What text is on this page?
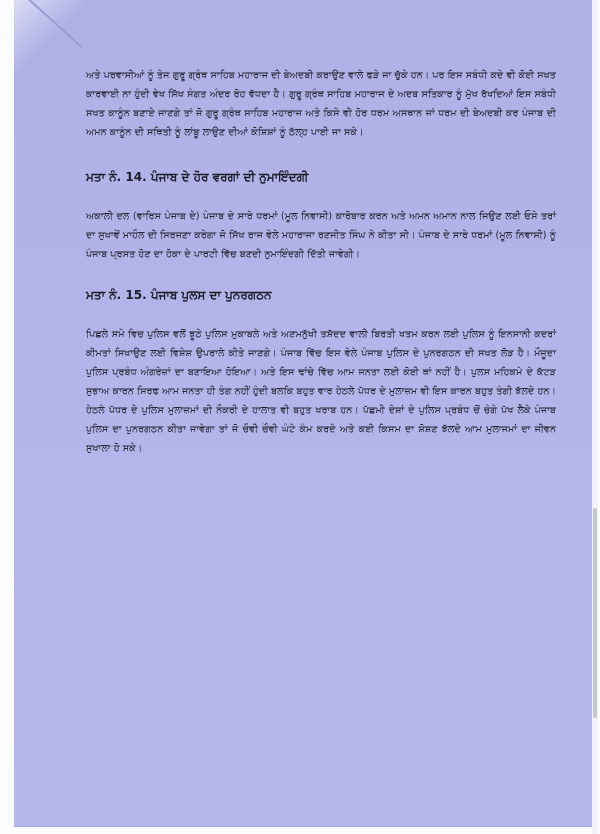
ਅਤੇ ਪਰਵਾਸੀਆਂ ਨੂੰ ਤੇਜ ਗੁਰੂ ਗ੍ਰੰਥ ਸਾਹਿਬ ਮਹਾਰਾਜ ਦੀ ਬੇਅਦਬੀ ਕਰਾਉਣ ਵਾਲੇ ਫੜੇ ਜਾ ਚੁੱਕੇ ਹਨ। ਪਰ ਇਸ ਸਬੰਧੀ ਕਦੇ ਵੀ ਕੋਈ ਸਖਤ ਕਾਰਵਾਈ ਨਾ ਹੁੰਦੀ ਵੇਖ ਸਿੱਖ ਸੰਗਤ ਅੰਦਰ ਰੋਹ ਵੱਧਦਾ ਹੈ। ਗੁਰੂ ਗ੍ਰੰਥ ਸਾਹਿਬ ਮਹਾਰਾਜ ਦੇ ਅਦਬ ਸਤਿਕਾਰ ਨੂੰ ਮੁੱਖ ਰੱਖਦਿਆਂ ਇਸ ਸਬੰਧੀ ਸਖਤ ਕਾਨੂੰਨ ਬਣਾਏ ਜਾਣਗੇ ਤਾਂ ਜੋ ਗੁਰੂ ਗ੍ਰੰਥ ਸਾਹਿਬ ਮਹਾਰਾਜ ਅਤੇ ਕਿਸੇ ਵੀ ਹੋਰ ਧਰਮ ਅਸਥਾਨ ਜਾਂ ਧਰਮ ਦੀ ਬੇਅਦਬੀ ਕਰ ਪੰਜਾਬ ਦੀ ਅਮਨ ਕਾਨੂੰਨ ਦੀ ਸਥਿਤੀ ਨੂੰ ਲਾਂਬੂ ਲਾਉਣ ਦੀਆਂ ਕੋਸ਼ਿਸ਼ਾਂ ਨੂੰ ਠੱਲ੍ਹ ਪਾਈ ਜਾ ਸਕੇ।

ਮਤਾ ਨੰ. 14. ਪੰਜਾਬ ਦੇ ਹੋਰ ਵਰਗਾਂ ਦੀ ਨੁਮਾਇੰਦਗੀ

ਅਕਾਲੀ ਦਲ (ਵਾਰਿਸ ਪੰਜਾਬ ਦੇ) ਪੰਜਾਬ ਦੇ ਸਾਰੇ ਧਰਮਾਂ (ਮੂਲ ਨਿਵਾਸੀ) ਕਾਰੋਬਾਰ ਕਰਨ ਅਤੇ ਅਮਨ ਅਮਾਨ ਨਾਲ ਜਿਉਣ ਲਈ ਓਸੇ ਤਰਾਂ ਦਾ ਸੁਖਾਵੇਂ ਮਾਹੌਲ ਦੀ ਸਿਰਜਣਾ ਕਰੇਗਾ ਜੋ ਸਿੱਖ ਰਾਜ ਵੇਲੇ ਮਹਾਰਾਜਾ ਰਣਜੀਤ ਸਿੰਘ ਨੇ ਕੀਤਾ ਸੀ। ਪੰਜਾਬ ਦੇ ਸਾਰੇ ਧਰਮਾਂ (ਮੂਲ ਨਿਵਾਸੀ) ਨੂੰ ਪੰਜਾਬ ਪ੍ਰਸਤ ਹੋਣ ਦਾ ਹੋਕਾ ਦੇ ਪਾਰਟੀ ਵਿੱਚ ਬਣਦੀ ਨੁਮਾਇੰਦਗੀ ਦਿੱਤੀ ਜਾਵੇਗੀ।

ਮਤਾ ਨੰ. 15. ਪੰਜਾਬ ਪੁਲਸ ਦਾ ਪੁਨਰਗਠਨ

ਪਿਛਲੇ ਸਮੇ ਵਿਚ ਪੁਲਿਸ ਵਲੋਂ ਝੂਠੇ ਪੁਲਿਸ ਮੁਕਾਬਲੇ ਅਤੇ ਅਣਮਨੁੱਖੀ ਤਸ਼ੱਦਦ ਵਾਲੀ ਬਿਰਤੀ ਖਤਮ ਕਰਨ ਲਈ ਪੁਲਿਸ ਨੂੰ ਇਨਸਾਨੀ ਕਦਰਾਂ ਕੀਮਤਾਂ ਸਿਖਾਉਣ ਲਈ ਵਿਸ਼ੇਸ਼ ਉਪਰਾਲੇ ਕੀਤੇ ਜਾਣਗੇ। ਪੰਜਾਬ ਵਿੱਚ ਇਸ ਵੇਲੇ ਪੰਜਾਬ ਪੁਲਿਸ ਦੇ ਪੁਨਰਗਠਨ ਦੀ ਸਖਤ ਲੋੜ ਹੈ। ਮੌਜੂਦਾ ਪੁਲਿਸ ਪ੍ਰਬੰਧ ਅੰਗਰੇਜ਼ਾਂ ਦਾ ਬਣਾਇਆ ਹੋਇਆ। ਅਤੇ ਇਸ ਢਾਂਚੇ ਵਿੱਚ ਆਮ ਜਨਤਾ ਲਈ ਕੋਈ ਥਾਂ ਨਹੀਂ ਹੈ। ਪੁਲਸ ਮਹਿਕਮੇ ਦੇ ਕੱਟੜ ਸੁਭਾਅ ਕਾਰਨ ਸਿਰਫ ਆਮ ਜਨਤਾ ਹੀ ਤੰਗ ਨਹੀਂ ਹੁੰਦੀ ਬਲਕਿ ਬਹੁਤ ਵਾਰ ਹੇਠਲੇ ਪੱਧਰ ਦੇ ਮੁਲਾਜ਼ਮ ਵੀ ਇਸ ਕਾਰਨ ਬਹੁਤ ਤੰਗੀ ਝੱਲਦੇ ਹਨ। ਹੇਠਲੇ ਪੱਧਰ ਦੇ ਪੁਲਿਸ ਮੁਲਾਜ਼ਮਾਂ ਦੀ ਨੌਕਰੀ ਦੇ ਹਾਲਾਤ ਵੀ ਬਹੁਤ ਖਰਾਬ ਹਨ। ਪੱਛਮੀ ਦੇਸ਼ਾਂ ਦੇ ਪੁਲਿਸ ਪ੍ਰਬੰਧ ਚੋਂ ਚੰਗੇ ਪੱਖ ਲੈਕੇ ਪੰਜਾਬ ਪੁਲਿਸ ਦਾ ਪੁਨਰਗਠਨ ਕੀਤਾ ਜਾਵੇਗਾ ਤਾਂ ਜੋ ਚੌਵੀ ਚੌਵੀ ਘੰਟੇ ਕੰਮ ਕਰਦੇ ਅਤੇ ਕਈ ਕਿਸਮ ਦਾ ਸ਼ੋਸ਼ਣ ਝੱਲਦੇ ਆਮ ਮੁਲਾਜਮਾਂ ਦਾ ਜੀਵਨ ਸੁਖਾਲਾ ਹੋ ਸਕੇ।
